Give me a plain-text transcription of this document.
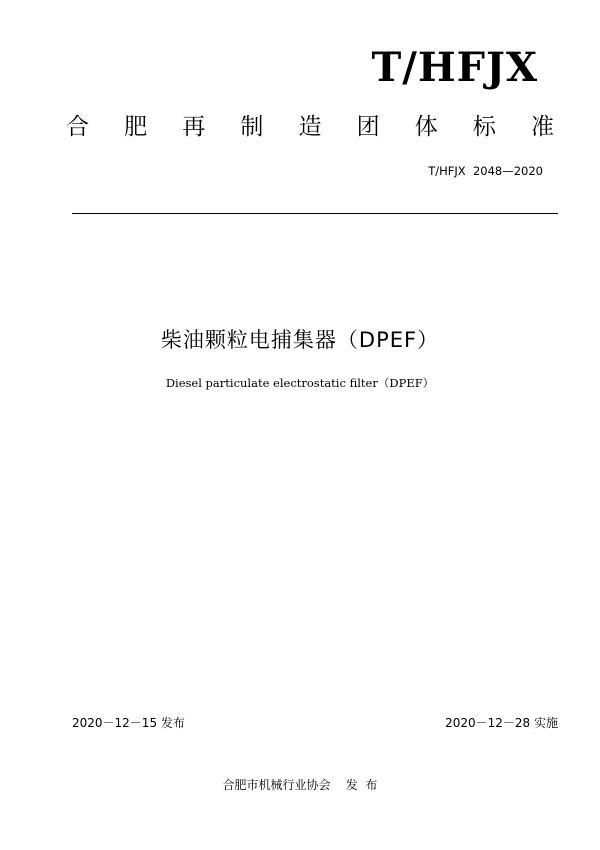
T/HFJX
合 肥 再 制 造 团 体 标 准
T/HFJX  2048—2020
柴油颗粒电捕集器（DPEF）
Diesel particulate electrostatic filter（DPEF）
2020－12－15 发布	2020－12－28 实施
合肥市机械行业协会    发  布
